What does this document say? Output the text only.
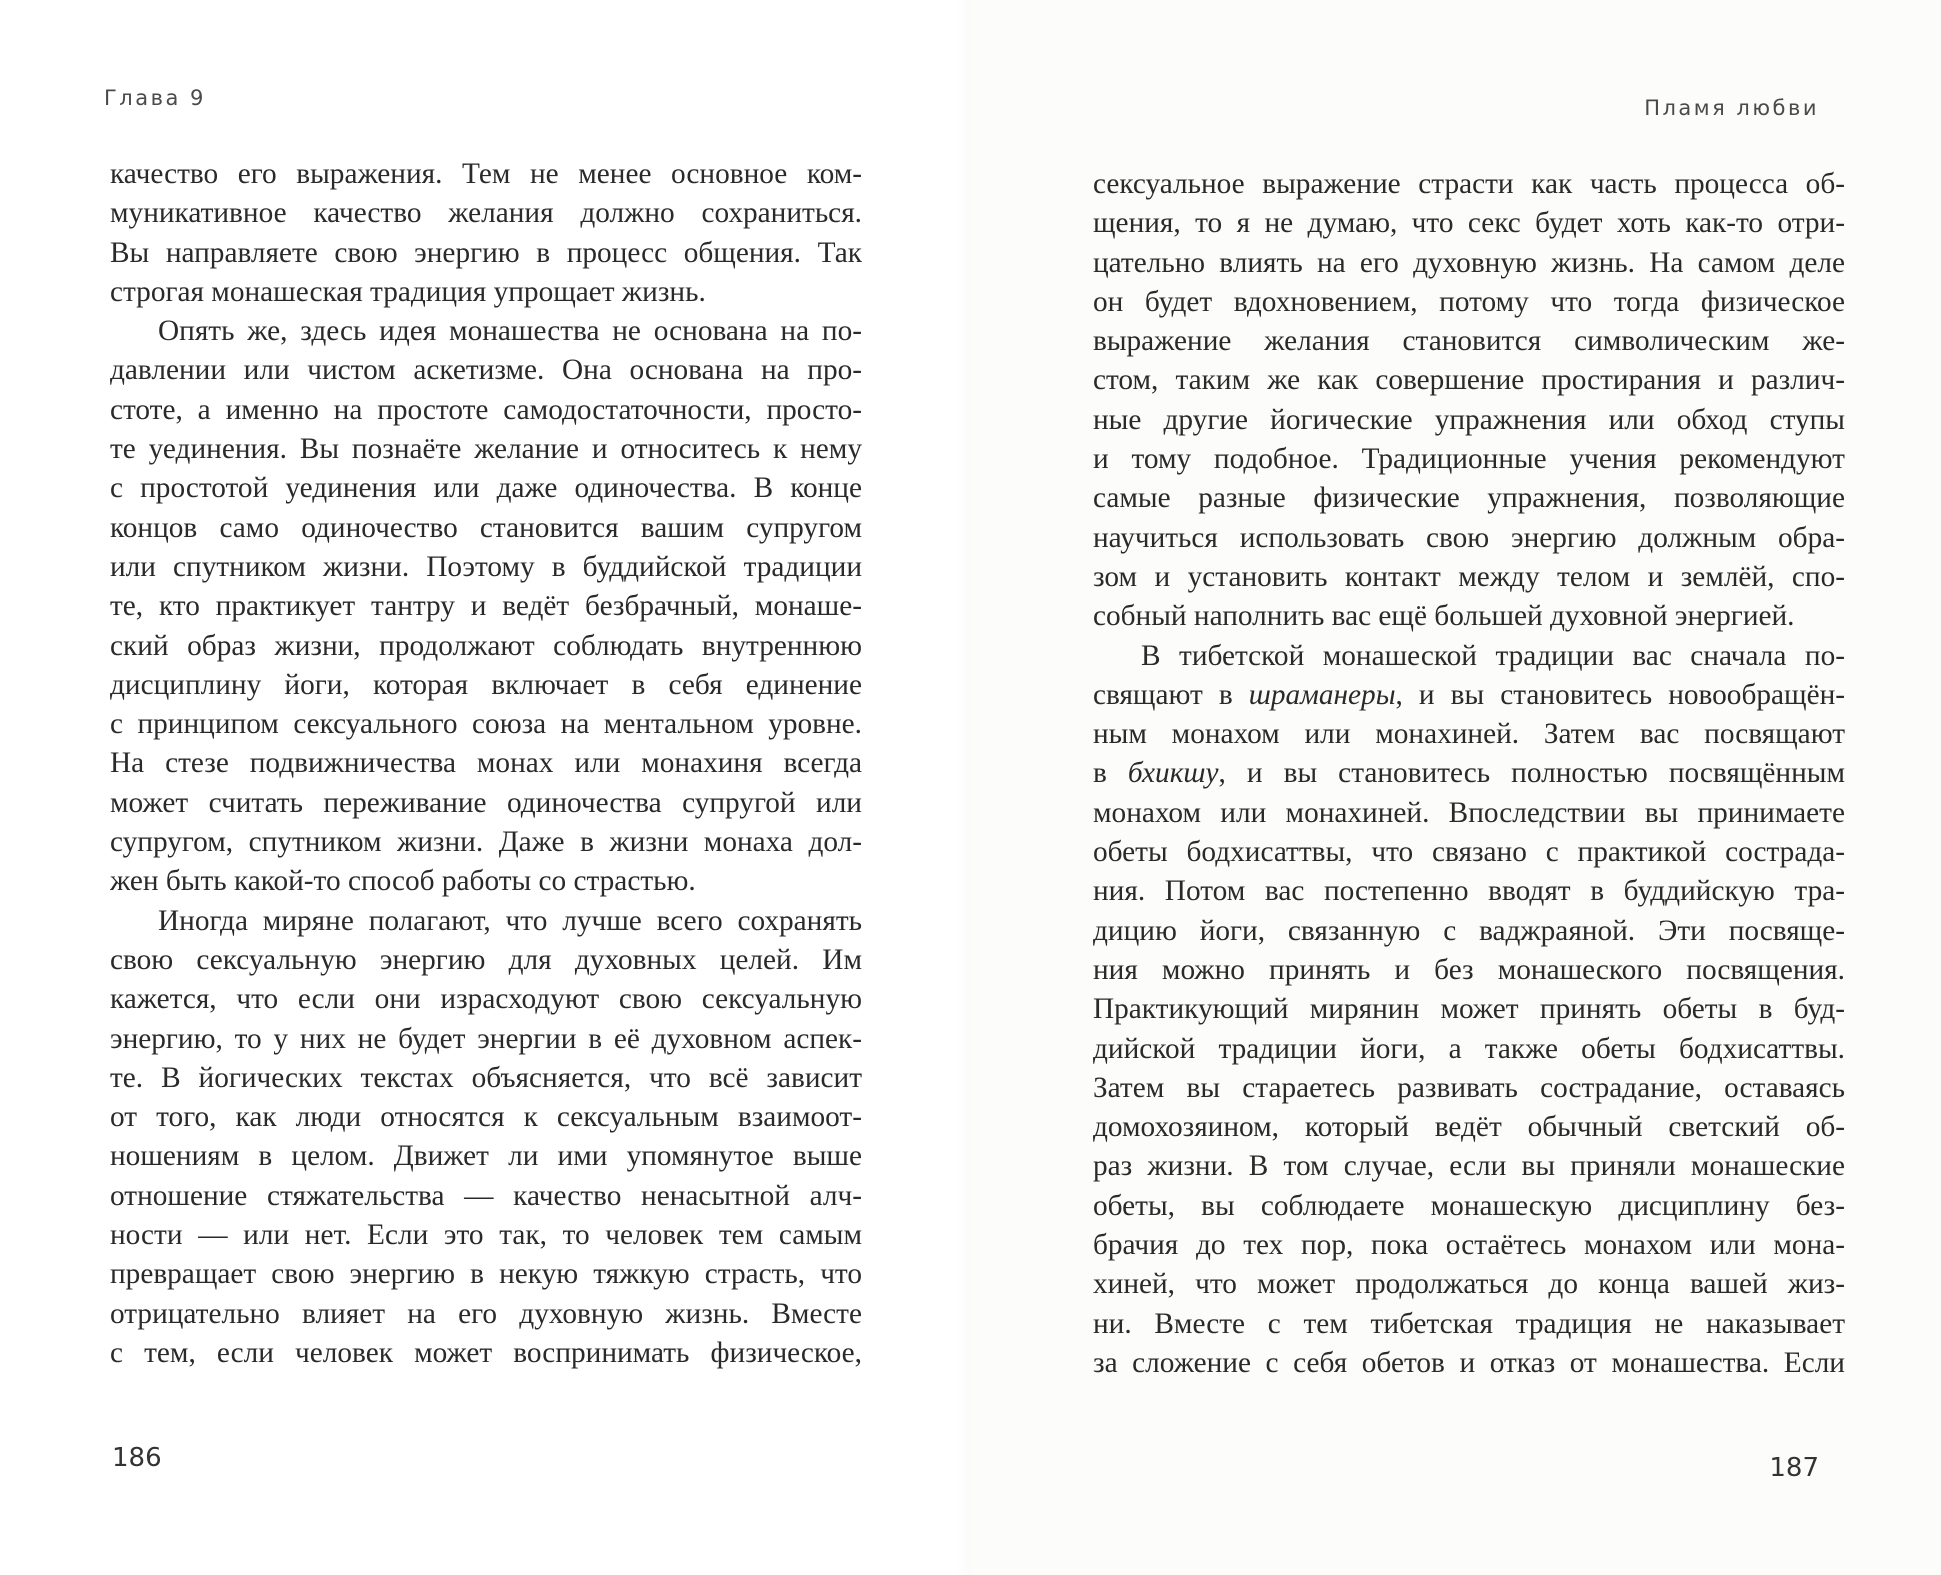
Глава 9
качество его выражения. Тем не менее основное ком-
муникативное качество желания должно сохраниться.
Вы направляете свою энергию в процесс общения. Так
строгая монашеская традиция упрощает жизнь.
Опять же, здесь идея монашества не основана на по-
давлении или чистом аскетизме. Она основана на про-
стоте, а именно на простоте самодостаточности, просто-
те уединения. Вы познаёте желание и относитесь к нему
с простотой уединения или даже одиночества. В конце
концов само одиночество становится вашим супругом
или спутником жизни. Поэтому в буддийской традиции
те, кто практикует тантру и ведёт безбрачный, монаше-
ский образ жизни, продолжают соблюдать внутреннюю
дисциплину йоги, которая включает в себя единение
с принципом сексуального союза на ментальном уровне.
На стезе подвижничества монах или монахиня всегда
может считать переживание одиночества супругой или
супругом, спутником жизни. Даже в жизни монаха дол-
жен быть какой-то способ работы со страстью.
Иногда миряне полагают, что лучше всего сохранять
свою сексуальную энергию для духовных целей. Им
кажется, что если они израсходуют свою сексуальную
энергию, то у них не будет энергии в её духовном аспек-
те. В йогических текстах объясняется, что всё зависит
от того, как люди относятся к сексуальным взаимоот-
ношениям в целом. Движет ли ими упомянутое выше
отношение стяжательства — качество ненасытной алч-
ности — или нет. Если это так, то человек тем самым
превращает свою энергию в некую тяжкую страсть, что
отрицательно влияет на его духовную жизнь. Вместе
с тем, если человек может воспринимать физическое,
186
Пламя любви
сексуальное выражение страсти как часть процесса об-
щения, то я не думаю, что секс будет хоть как-то отри-
цательно влиять на его духовную жизнь. На самом деле
он будет вдохновением, потому что тогда физическое
выражение желания становится символическим же-
стом, таким же как совершение простирания и различ-
ные другие йогические упражнения или обход ступы
и тому подобное. Традиционные учения рекомендуют
самые разные физические упражнения, позволяющие
научиться использовать свою энергию должным обра-
зом и установить контакт между телом и землёй, спо-
собный наполнить вас ещё большей духовной энергией.
В тибетской монашеской традиции вас сначала по-
свящают в шраманеры, и вы становитесь новообращён-
ным монахом или монахиней. Затем вас посвящают
в бхикшу, и вы становитесь полностью посвящённым
монахом или монахиней. Впоследствии вы принимаете
обеты бодхисаттвы, что связано с практикой сострада-
ния. Потом вас постепенно вводят в буддийскую тра-
дицию йоги, связанную с ваджраяной. Эти посвяще-
ния можно принять и без монашеского посвящения.
Практикующий мирянин может принять обеты в буд-
дийской традиции йоги, а также обеты бодхисаттвы.
Затем вы стараетесь развивать сострадание, оставаясь
домохозяином, который ведёт обычный светский об-
раз жизни. В том случае, если вы приняли монашеские
обеты, вы соблюдаете монашескую дисциплину без-
брачия до тех пор, пока остаётесь монахом или мона-
хиней, что может продолжаться до конца вашей жиз-
ни. Вместе с тем тибетская традиция не наказывает
за сложение с себя обетов и отказ от монашества. Если
187
